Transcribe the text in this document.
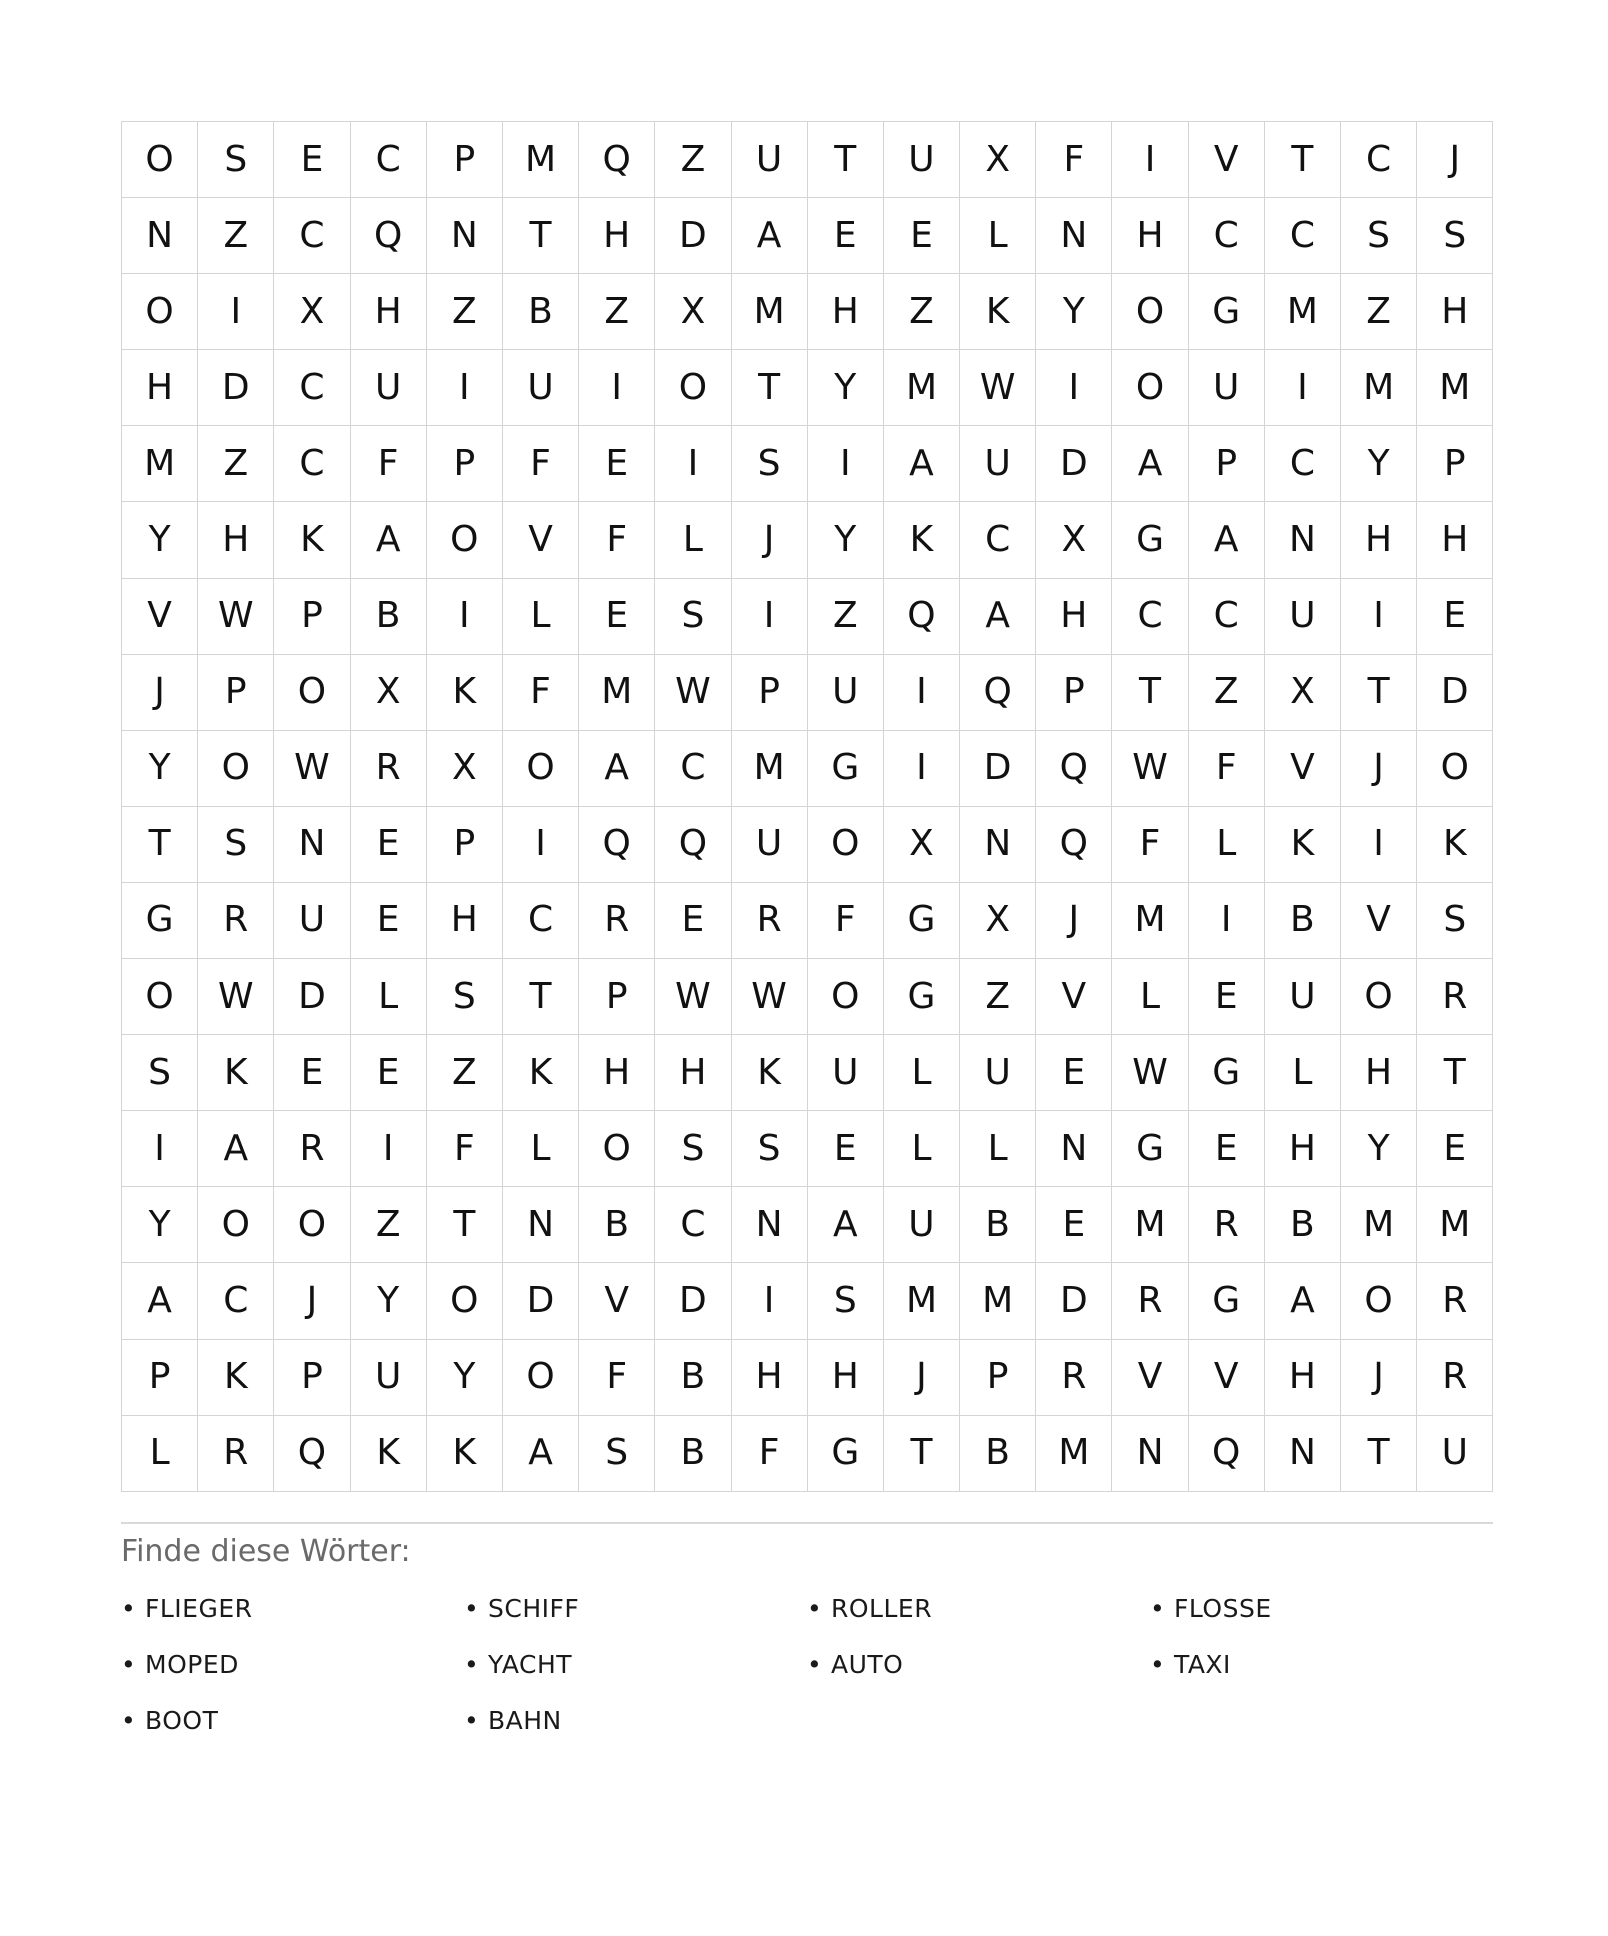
O	S	E	C	P	M	Q	Z	U	T	U	X	F	I	V	T	C	J
N	Z	C	Q	N	T	H	D	A	E	E	L	N	H	C	C	S	S
O	I	X	H	Z	B	Z	X	M	H	Z	K	Y	O	G	M	Z	H
H	D	C	U	I	U	I	O	T	Y	M	W	I	O	U	I	M	M
M	Z	C	F	P	F	E	I	S	I	A	U	D	A	P	C	Y	P
Y	H	K	A	O	V	F	L	J	Y	K	C	X	G	A	N	H	H
V	W	P	B	I	L	E	S	I	Z	Q	A	H	C	C	U	I	E
J	P	O	X	K	F	M	W	P	U	I	Q	P	T	Z	X	T	D
Y	O	W	R	X	O	A	C	M	G	I	D	Q	W	F	V	J	O
T	S	N	E	P	I	Q	Q	U	O	X	N	Q	F	L	K	I	K
G	R	U	E	H	C	R	E	R	F	G	X	J	M	I	B	V	S
O	W	D	L	S	T	P	W	W	O	G	Z	V	L	E	U	O	R
S	K	E	E	Z	K	H	H	K	U	L	U	E	W	G	L	H	T
I	A	R	I	F	L	O	S	S	E	L	L	N	G	E	H	Y	E
Y	O	O	Z	T	N	B	C	N	A	U	B	E	M	R	B	M	M
A	C	J	Y	O	D	V	D	I	S	M	M	D	R	G	A	O	R
P	K	P	U	Y	O	F	B	H	H	J	P	R	V	V	H	J	R
L	R	Q	K	K	A	S	B	F	G	T	B	M	N	Q	N	T	U
Finde diese Wörter:
• FLIEGER	• SCHIFF	• ROLLER	• FLOSSE
• MOPED	• YACHT	• AUTO	• TAXI
• BOOT	• BAHN
